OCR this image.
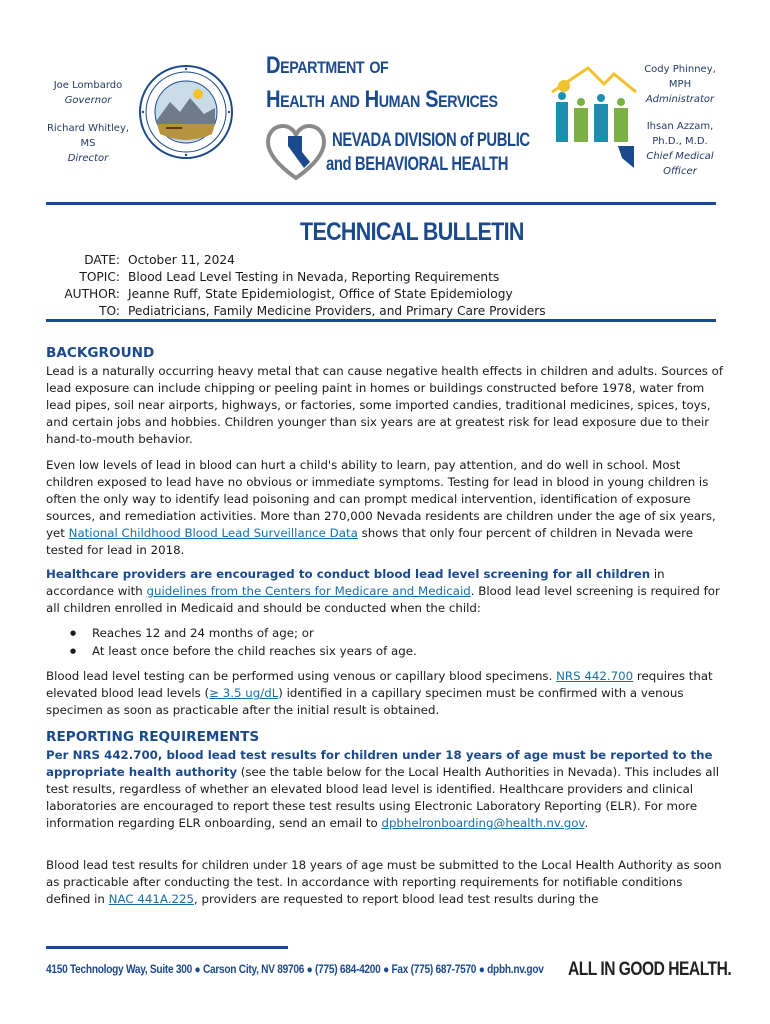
Joe Lombardo
Governor
Richard Whitley,
MS
Director
Department of
Health and Human Services
NEVADA DIVISION of PUBLIC
and BEHAVIORAL HEALTH
Cody Phinney,
MPH
Administrator
Ihsan Azzam,
Ph.D., M.D.
Chief Medical
Officer
TECHNICAL BULLETIN
DATE: October 11, 2024
TOPIC: Blood Lead Level Testing in Nevada, Reporting Requirements
AUTHOR: Jeanne Ruff, State Epidemiologist, Office of State Epidemiology
TO: Pediatricians, Family Medicine Providers, and Primary Care Providers
BACKGROUND
Lead is a naturally occurring heavy metal that can cause negative health effects in children and adults. Sources of lead exposure can include chipping or peeling paint in homes or buildings constructed before 1978, water from lead pipes, soil near airports, highways, or factories, some imported candies, traditional medicines, spices, toys, and certain jobs and hobbies. Children younger than six years are at greatest risk for lead exposure due to their hand-to-mouth behavior.
Even low levels of lead in blood can hurt a child's ability to learn, pay attention, and do well in school. Most children exposed to lead have no obvious or immediate symptoms. Testing for lead in blood in young children is often the only way to identify lead poisoning and can prompt medical intervention, identification of exposure sources, and remediation activities. More than 270,000 Nevada residents are children under the age of six years, yet National Childhood Blood Lead Surveillance Data shows that only four percent of children in Nevada were tested for lead in 2018.
Healthcare providers are encouraged to conduct blood lead level screening for all children in accordance with guidelines from the Centers for Medicare and Medicaid. Blood lead level screening is required for all children enrolled in Medicaid and should be conducted when the child:
● Reaches 12 and 24 months of age; or
● At least once before the child reaches six years of age.
Blood lead level testing can be performed using venous or capillary blood specimens. NRS 442.700 requires that elevated blood lead levels (≥ 3.5 ug/dL) identified in a capillary specimen must be confirmed with a venous specimen as soon as practicable after the initial result is obtained.
REPORTING REQUIREMENTS
Per NRS 442.700, blood lead test results for children under 18 years of age must be reported to the appropriate health authority (see the table below for the Local Health Authorities in Nevada). This includes all test results, regardless of whether an elevated blood lead level is identified. Healthcare providers and clinical laboratories are encouraged to report these test results using Electronic Laboratory Reporting (ELR). For more information regarding ELR onboarding, send an email to dpbhelronboarding@health.nv.gov.
Blood lead test results for children under 18 years of age must be submitted to the Local Health Authority as soon as practicable after conducting the test. In accordance with reporting requirements for notifiable conditions defined in NAC 441A.225, providers are requested to report blood lead test results during the
4150 Technology Way, Suite 300 ● Carson City, NV 89706 ● (775) 684-4200 ● Fax (775) 687-7570 ● dpbh.nv.gov ALL IN GOOD HEALTH.
